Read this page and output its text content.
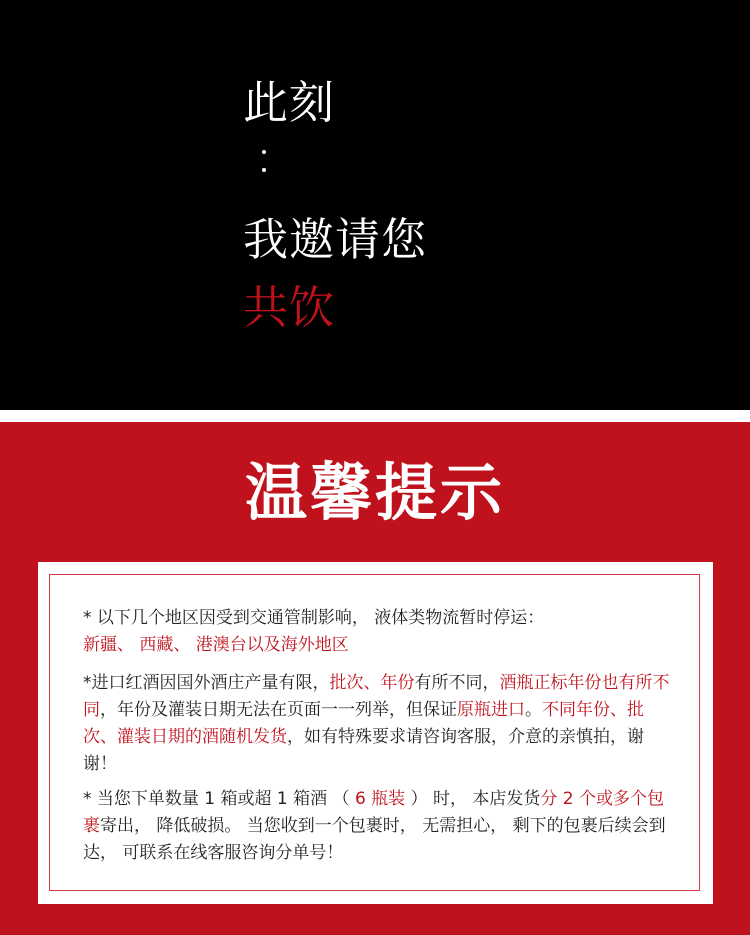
此刻
我邀请您
共饮
温馨提示
* 以下几个地区因受到交通管制影响， 液体类物流暂时停运：
新疆、 西藏、 港澳台以及海外地区
*进口红酒因国外酒庄产量有限，批次、年份有所不同，酒瓶正标年份也有所不同，年份及灌装日期无法在页面一一列举，但保证原瓶进口。不同年份、批次、灌装日期的酒随机发货，如有特殊要求请咨询客服，介意的亲慎拍，谢谢！
* 当您下单数量 1 箱或超 1 箱酒 （ 6 瓶装 ） 时， 本店发货分 2 个或多个包裹寄出， 降低破损。 当您收到一个包裹时， 无需担心， 剩下的包裹后续会到达， 可联系在线客服咨询分单号！
